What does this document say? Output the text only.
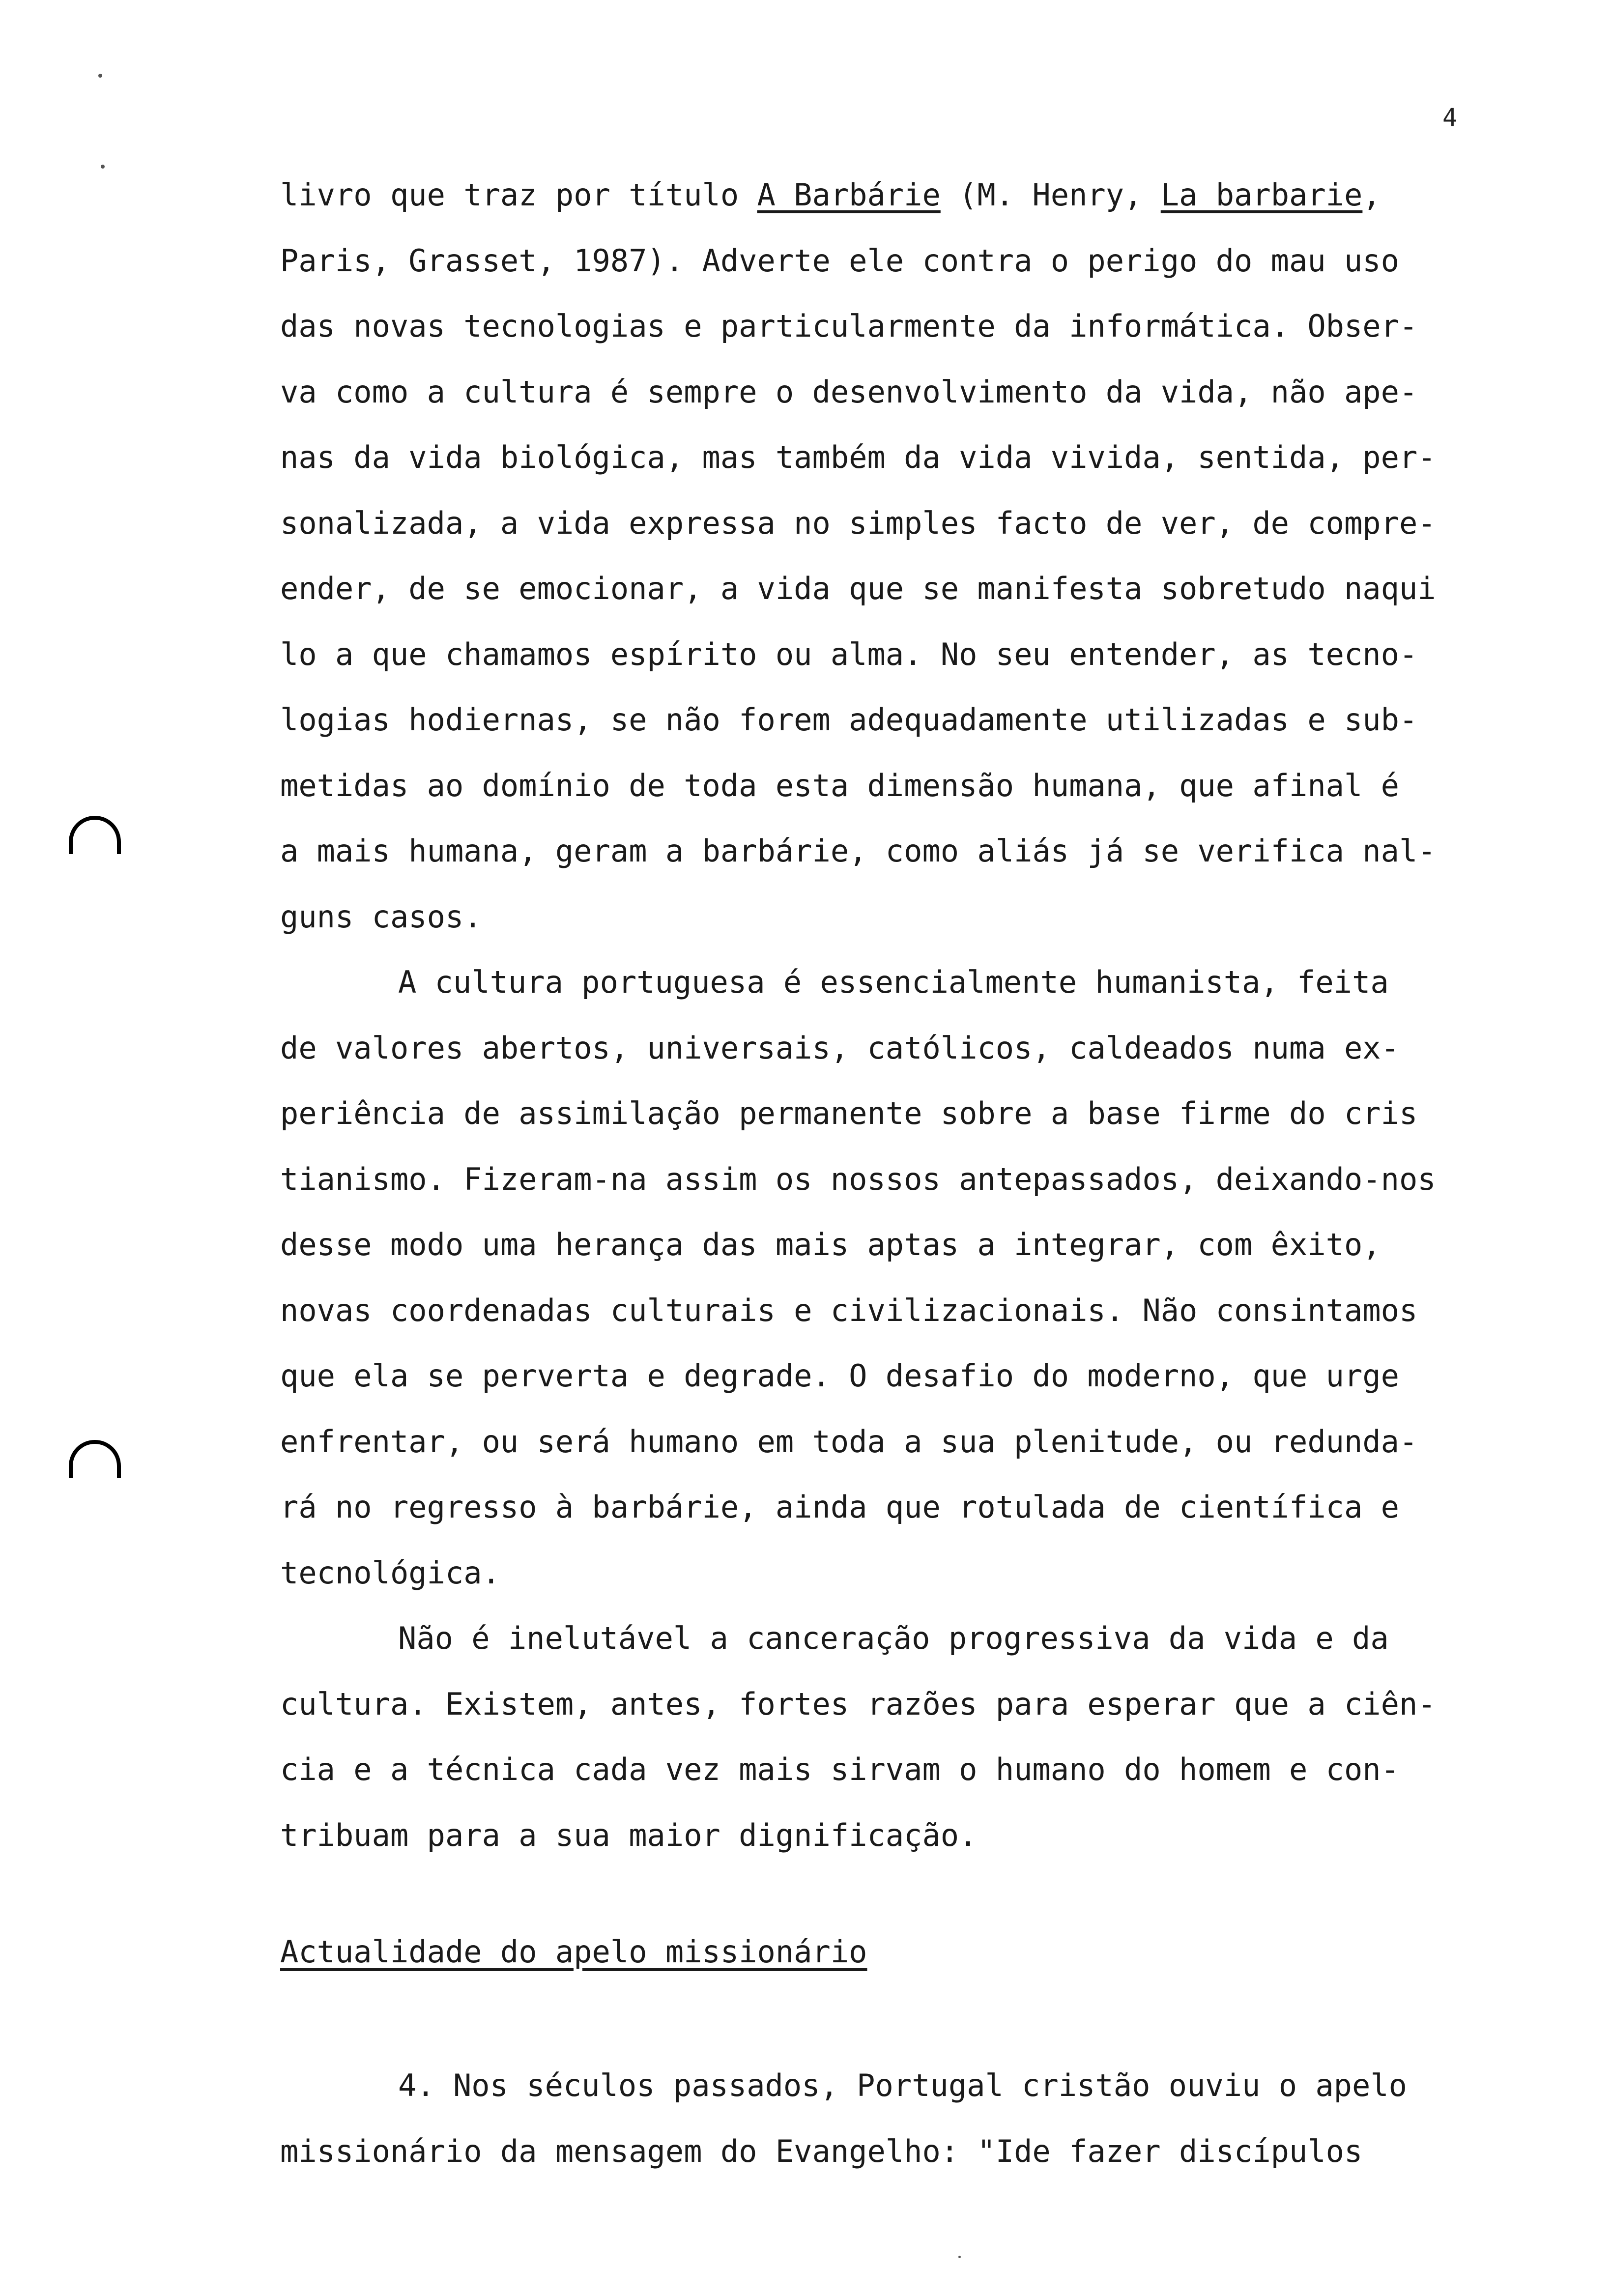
4

livro que traz por título A Barbárie (M. Henry, La barbarie,
Paris, Grasset, 1987). Adverte ele contra o perigo do mau uso
das novas tecnologias e particularmente da informática. Obser-
va como a cultura é sempre o desenvolvimento da vida, não ape-
nas da vida biológica, mas também da vida vivida, sentida, per-
sonalizada, a vida expressa no simples facto de ver, de compre-
ender, de se emocionar, a vida que se manifesta sobretudo naqui
lo a que chamamos espírito ou alma. No seu entender, as tecno-
logias hodiernas, se não forem adequadamente utilizadas e sub-
metidas ao domínio de toda esta dimensão humana, que afinal é
a mais humana, geram a barbárie, como aliás já se verifica nal-
guns casos.

A cultura portuguesa é essencialmente humanista, feita
de valores abertos, universais, católicos, caldeados numa ex-
periência de assimilação permanente sobre a base firme do cris
tianismo. Fizeram-na assim os nossos antepassados, deixando-nos
desse modo uma herança das mais aptas a integrar, com êxito,
novas coordenadas culturais e civilizacionais. Não consintamos
que ela se perverta e degrade. O desafio do moderno, que urge
enfrentar, ou será humano em toda a sua plenitude, ou redunda-
rá no regresso à barbárie, ainda que rotulada de científica e
tecnológica.

Não é inelutável a canceração progressiva da vida e da
cultura. Existem, antes, fortes razões para esperar que a ciên-
cia e a técnica cada vez mais sirvam o humano do homem e con-
tribuam para a sua maior dignificação.

Actualidade do apelo missionário

4. Nos séculos passados, Portugal cristão ouviu o apelo
missionário da mensagem do Evangelho: "Ide fazer discípulos
